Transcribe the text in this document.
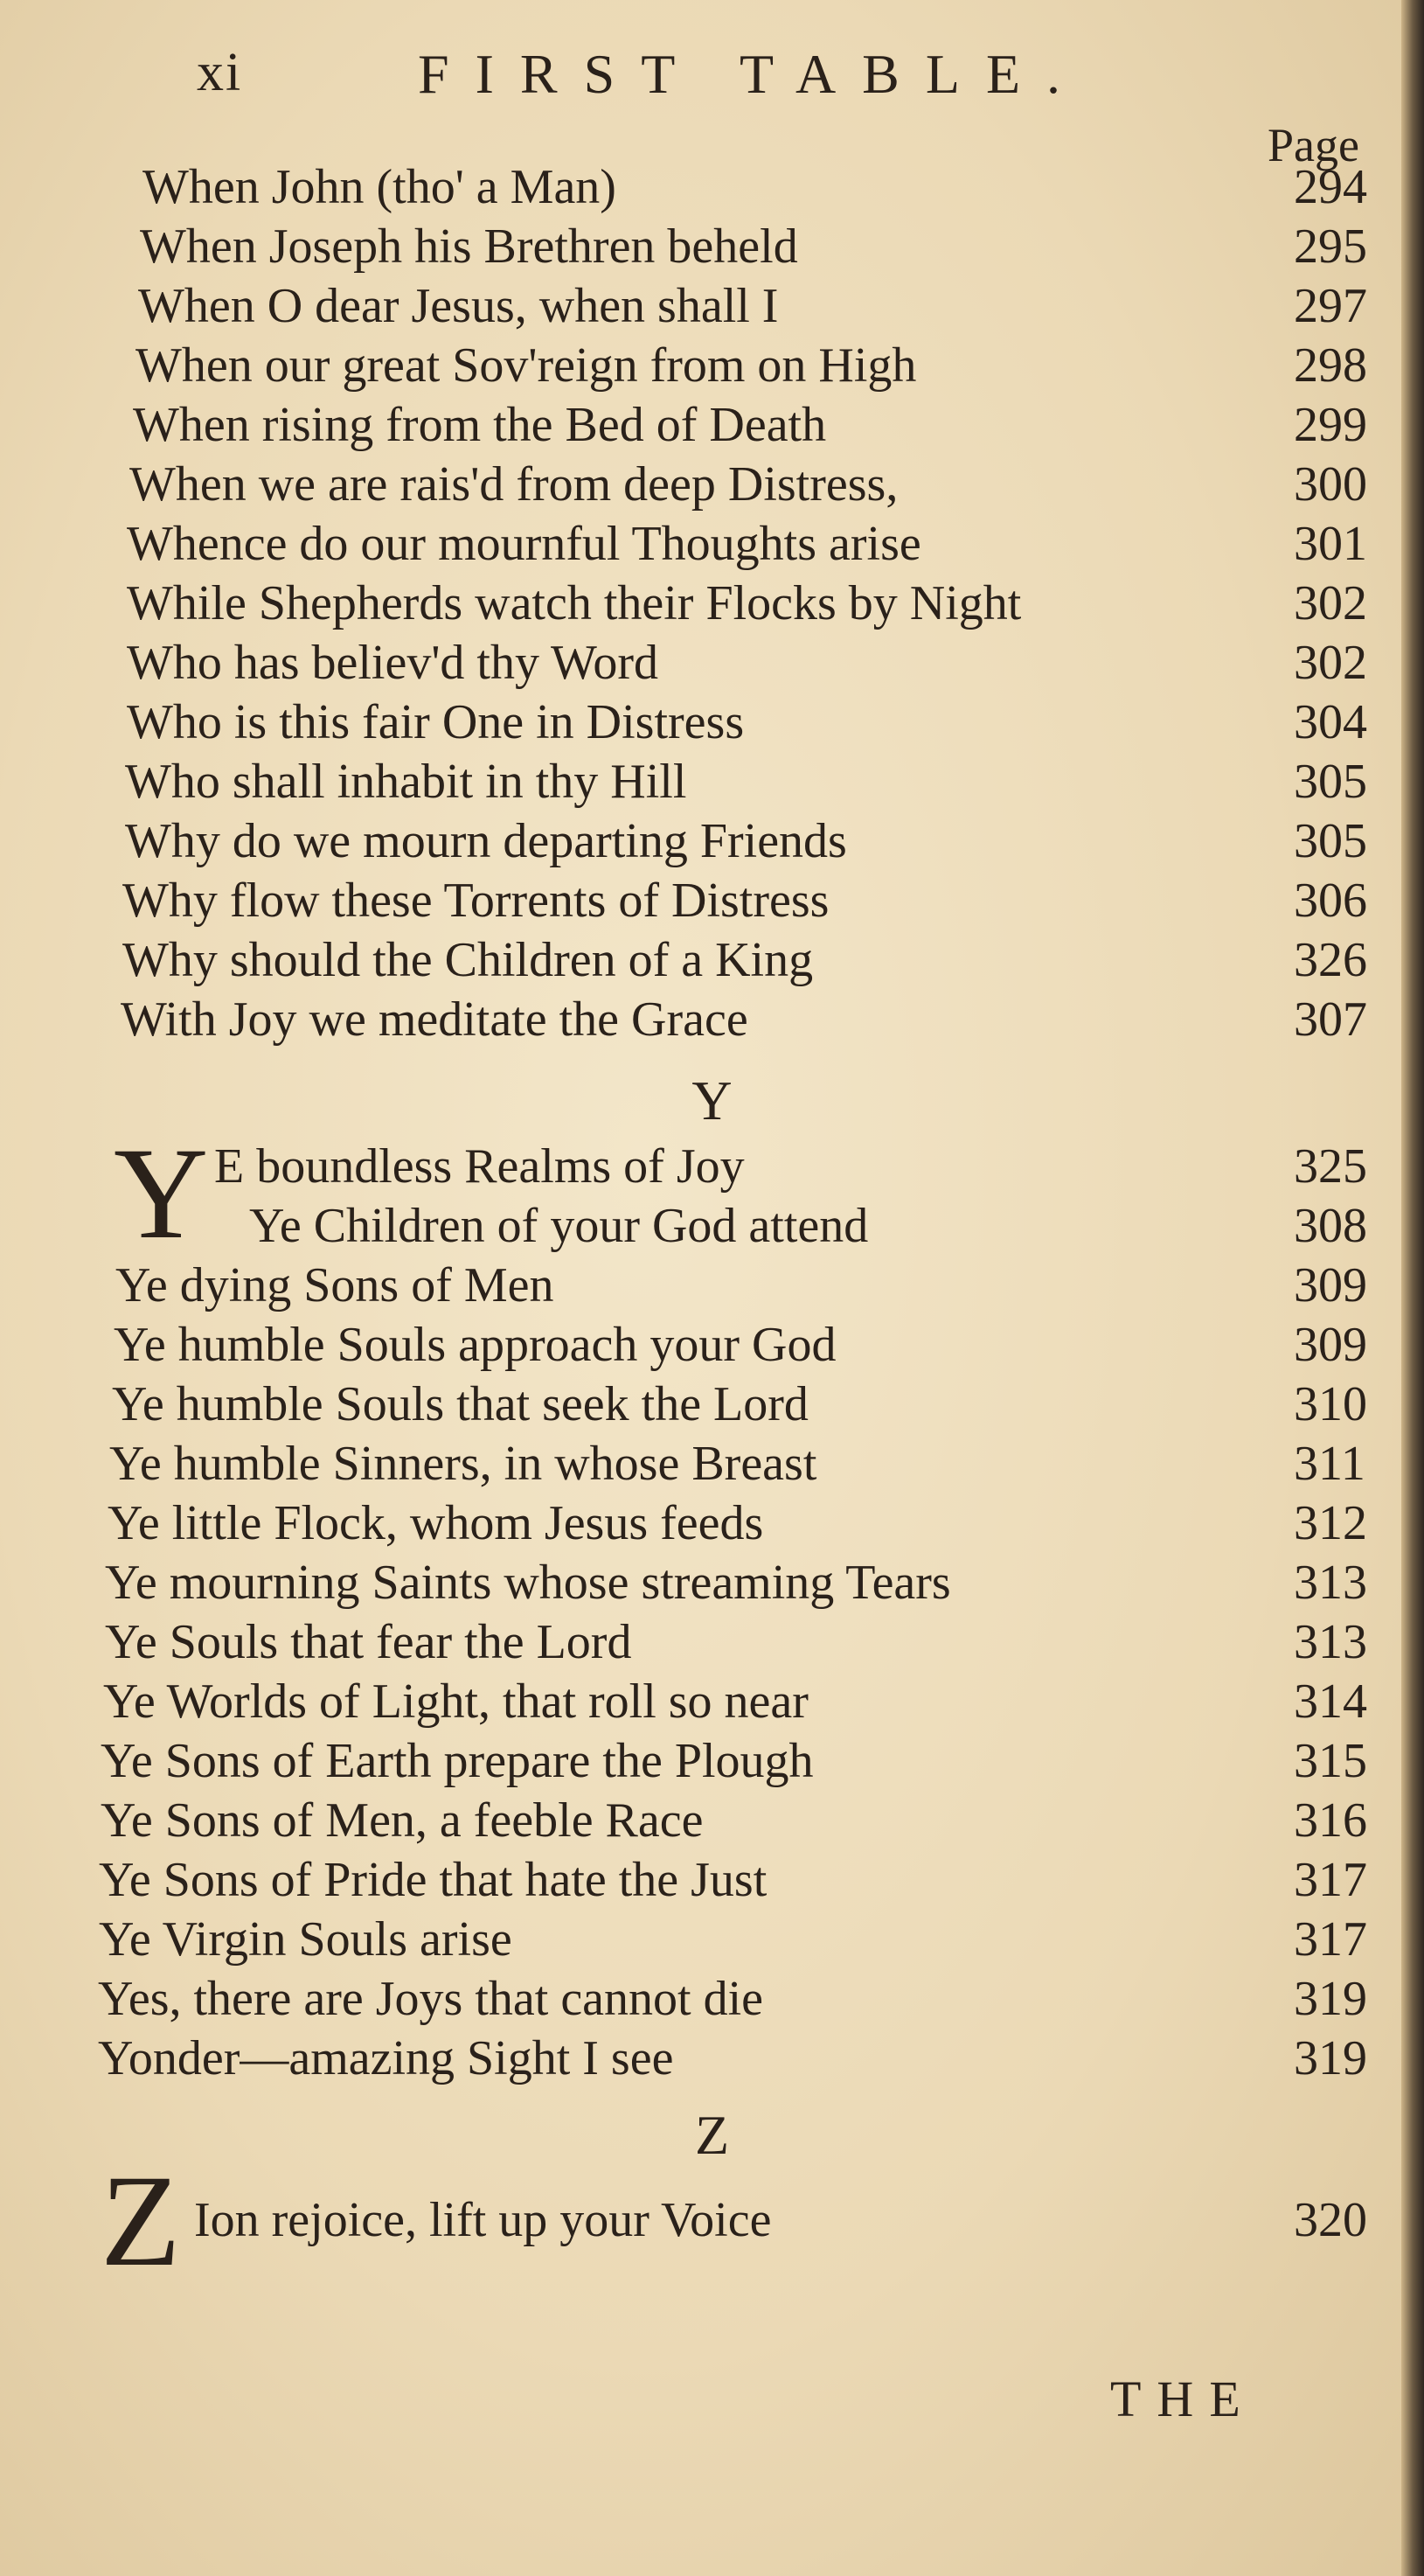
xi	FIRST TABLE.
Page
When John (tho' a Man)	294
When Joseph his Brethren beheld	295
When O dear Jesus, when shall I	297
When our great Sov'reign from on High	298
When rising from the Bed of Death	299
When we are rais'd from deep Distress,	300
Whence do our mournful Thoughts arise	301
While Shepherds watch their Flocks by Night	302
Who has believ'd thy Word	302
Who is this fair One in Distress	304
Who shall inhabit in thy Hill	305
Why do we mourn departing Friends	305
Why flow these Torrents of Distress	306
Why should the Children of a King	326
With Joy we meditate the Grace	307
Y
Y E boundless Realms of Joy	325
Ye Children of your God attend	308
Ye dying Sons of Men	309
Ye humble Souls approach your God	309
Ye humble Souls that seek the Lord	310
Ye humble Sinners, in whose Breast	311
Ye little Flock, whom Jesus feeds	312
Ye mourning Saints whose streaming Tears	313
Ye Souls that fear the Lord	313
Ye Worlds of Light, that roll so near	314
Ye Sons of Earth prepare the Plough	315
Ye Sons of Men, a feeble Race	316
Ye Sons of Pride that hate the Just	317
Ye Virgin Souls arise	317
Yes, there are Joys that cannot die	319
Yonder—amazing Sight I see	319
Z
Z Ion rejoice, lift up your Voice	320
THE
